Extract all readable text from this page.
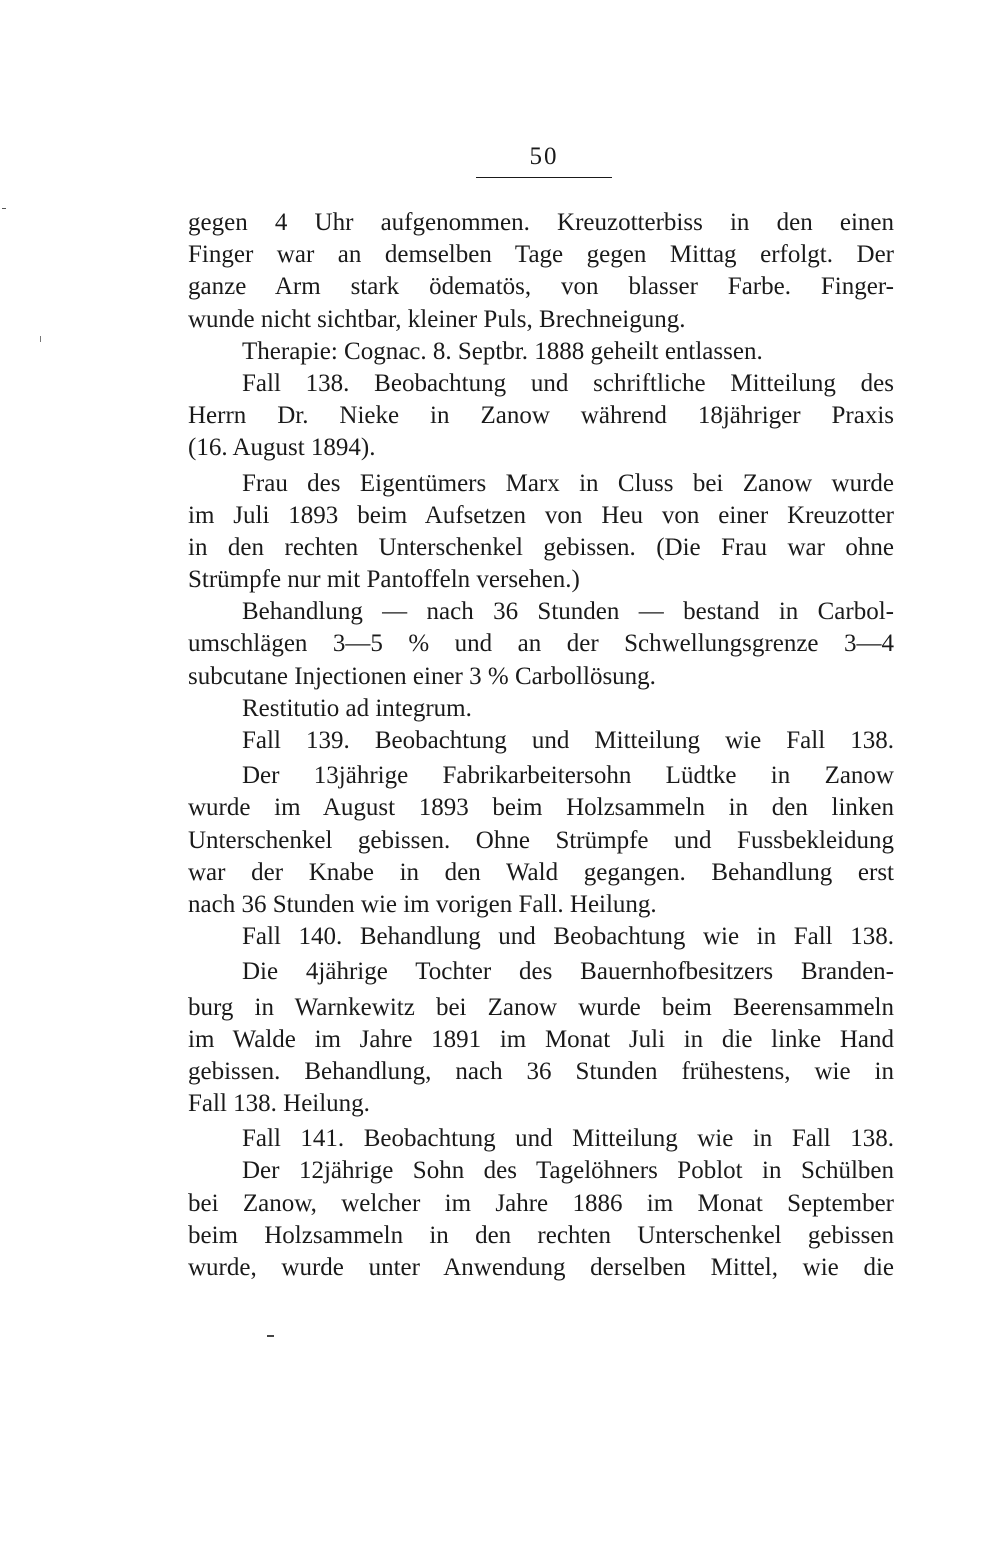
50
gegen 4 Uhr aufgenommen. Kreuzotterbiss in den einen
Finger war an demselben Tage gegen Mittag erfolgt. Der
ganze Arm stark ödematös, von blasser Farbe. Finger-
wunde nicht sichtbar, kleiner Puls, Brechneigung.
Therapie: Cognac. 8. Septbr. 1888 geheilt entlassen.
Fall 138. Beobachtung und schriftliche Mitteilung des
Herrn Dr. Nieke in Zanow während 18jähriger Praxis
(16. August 1894).
Frau des Eigentümers Marx in Cluss bei Zanow wurde
im Juli 1893 beim Aufsetzen von Heu von einer Kreuzotter
in den rechten Unterschenkel gebissen. (Die Frau war ohne
Strümpfe nur mit Pantoffeln versehen.)
Behandlung — nach 36 Stunden — bestand in Carbol-
umschlägen 3—5 % und an der Schwellungsgrenze 3—4
subcutane Injectionen einer 3 % Carbollösung.
Restitutio ad integrum.
Fall 139. Beobachtung und Mitteilung wie Fall 138.
Der 13jährige Fabrikarbeitersohn Lüdtke in Zanow
wurde im August 1893 beim Holzsammeln in den linken
Unterschenkel gebissen. Ohne Strümpfe und Fussbekleidung
war der Knabe in den Wald gegangen. Behandlung erst
nach 36 Stunden wie im vorigen Fall. Heilung.
Fall 140. Behandlung und Beobachtung wie in Fall 138.
Die 4jährige Tochter des Bauernhofbesitzers Branden-
burg in Warnkewitz bei Zanow wurde beim Beerensammeln
im Walde im Jahre 1891 im Monat Juli in die linke Hand
gebissen. Behandlung, nach 36 Stunden frühestens, wie in
Fall 138. Heilung.
Fall 141. Beobachtung und Mitteilung wie in Fall 138.
Der 12jährige Sohn des Tagelöhners Poblot in Schülben
bei Zanow, welcher im Jahre 1886 im Monat September
beim Holzsammeln in den rechten Unterschenkel gebissen
wurde, wurde unter Anwendung derselben Mittel, wie die
